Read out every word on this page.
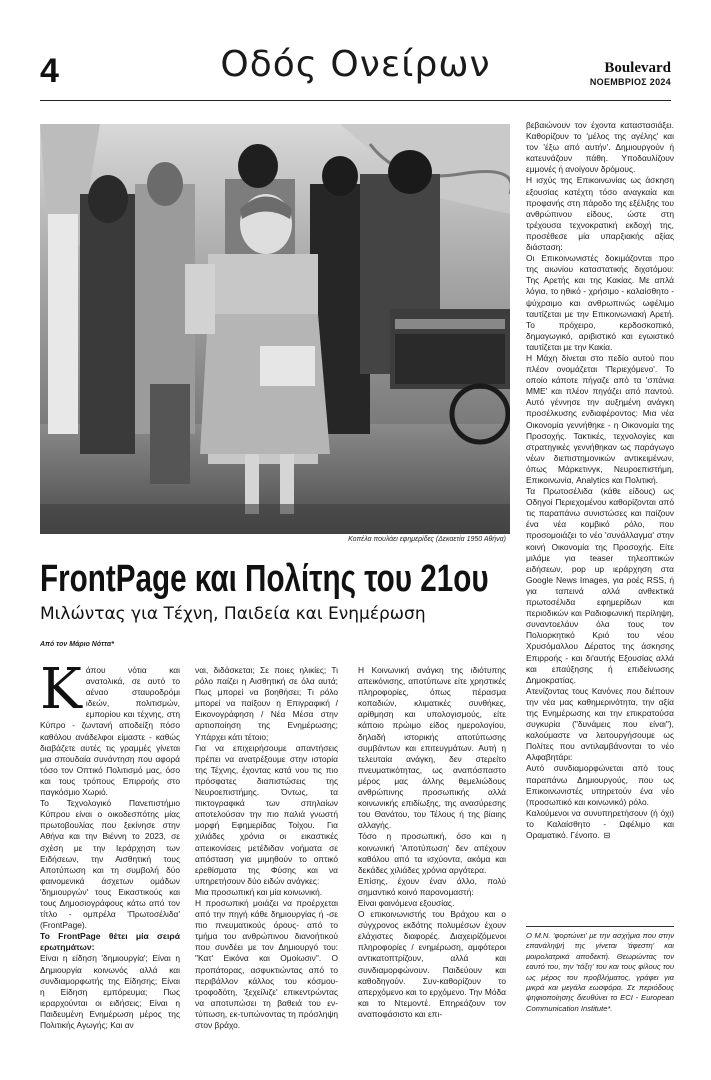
4	Οδός Ονείρων	Boulevard
ΝΟΕΜΒΡΙΟΣ 2024
Κοπέλα πουλάει εφημερίδες (Δεκαετία 1950 Αθήνα)
FrontPage και Πολίτης του 21ου
Μιλώντας για Τέχνη, Παιδεία και Ενημέρωση
Από τον Μάριο Νόττα*

Κάπου νότια και ανατολικά, σε αυτό το αέναο σταυροδρόμι ιδεών, πολιτισμών, εμπορίου και τέχνης, στη Κύπρο - ζωντανή αποδείξη πόσο καθόλου ανάδελφοι είμαστε - καθώς διαβάζετε αυτές τις γραμμές γίνεται μια σπουδαία συνάντηση που αφορά τόσο τον Οπτικό Πολιτισμό μας, όσο και τους τρόπους Επιρροής στο παγκόσμιο Χωριό.

Το Τεχνολογικό Πανεπιστήμιο Κύπρου είναι ο οικοδεσπότης μίας πρωτοβουλίας που ξεκίνησε στην Αθήνα και την Βιέννη το 2023, σε σχέση με την Ιεράρχηση των Ειδήσεων, την Αισθητική τους Αποτύπωση και τη συμβολή δύο φαινομενικά άσχετων ομάδων 'δημιουργών' τους Εικαστικούς και τους Δημοσιογράφους κάτω από τον τίτλο - ομπρέλα 'Πρωτοσέλιδα' (FrontPage).

Το FrontPage θέτει μία σειρά ερωτημάτων:

Είναι η είδηση 'δημιουργία'; Είναι η Δημιουργία κοινωνός αλλά και συνδιαμορφωτής της Είδησης; Είναι η Είδηση εμπόρευμα; Πως ιεραρχούνται οι ειδήσεις; Είναι η Παιδευμένη Ενημέρωση μέρος της Πολιτικής Αγωγής; Και αν

ναι, διδάσκεται; Σε ποιες ηλικίες; Τι ρόλο παίζει η Αισθητική σε όλα αυτά; Πως μπορεί να βοηθήσει; Τι ρόλο μπορεί να παίξουν η Επιγραφική / Εικονογράφηση / Νέα Μέσα στην αρτιοποίηση της Ενημέρωσης; Υπάρχει κάτι τέτοιο;

Για να επιχειρήσουμε απαντήσεις πρέπει να ανατρέξουμε στην ιστορία της Τέχνης, έχοντας κατά νου τις πιο πρόσφατες διαπιστώσεις της Νευροεπιστήμης. Όντως, τα πικτογραφικά των σπηλαίων αποτελούσαν την πιο παλιά γνωστή μορφή Εφημερίδας Τοίχου. Για χιλιάδες χρόνια οι εικαστικές απεικονίσεις μετέδιδαν νοήματα σε απόσταση για μιμηθούν το οπτικό ερεθίσματα της Φύσης και να υπηρετήσουν δύο ειδών ανάγκες:

Μια προσωπική και μία κοινωνική.

Η προσωπική μοιάζει να προέρχεται από την πηγή κάθε δημιουργίας ή -σε πιο πνευματικούς όρους- από το τμήμα του ανθρώπινου διανοήτικού που συνδέει με τον Δημιουργό του: "Κατ' Εικόνα και Ομοίωσιν". Ο προπάτορας, ασφυκτιώντας από το περιβάλλον κάλλος του κόσμου-τροφοδότη, 'ξεχείλιζε' επικεντρώντας να αποτυπώσει τη βαθειά του εν-τύπωση, εκ-τυπώνοντας τη πρόσληψη στον βράχο.

Η Κοινωνική ανάγκη της ιδιότυπης απεικόνισης, αποτύπωνε είτε χρηστικές πληροφορίες, όπως πέρασμα κοπαδιών, κλιματικές συνθήκες, αρίθμηση και υπολογισμούς, είτε κάποιο πρώιμο είδος ημερολογίου, δηλαδή ιστορικής αποτύπωσης συμβάντων και επιτευγμάτων. Αυτή η τελευταία ανάγκη, δεν στερείτο πνευματικότητας, ως αναπόσπαστο μέρος μας άλλης θεμελιώδους ανθρώπινης προσωπικής αλλά κοινωνικής επιδίωξης, της ανασύρεσης του Θανάτου, του Τέλους ή της βίαιης αλλαγής.

Τόσο η προσωπική, όσο και η κοινωνική 'Αποτύπωση' δεν απέχουν καθόλου από τα ισχύοντα, ακόμα και δεκάδες χιλιάδες χρόνια αργότερα.

Επίσης, έχουν έναν άλλο, πολύ σημαντικό κοινό παρονομαστή:

Είναι φαινόμενα εξουσίας.

Ο επικοινωνιστής του Βράχου και ο σύγχρονος εκδότης πολυμέσων έχουν ελάχιστες διαφορές. Διαχειρίζόμενοι πληροφορίες / ενημέρωση, αμφότεροι αντικατοπτρίζουν, αλλά και συνδιαμορφώνουν. Παιδεύουν και καθοδηγούν. Συν-καθορίζουν το απερχόμενο και το ερχόμενο. Την Μόδα και το Ντεμοντέ. Επηρεάζουν τον αναποφάσιστο και επι-

βεβαιώνουν τον έχοντα καταστασιάξει. Καθορίζουν το 'μέλος της αγέλης' και τον 'έξω από αυτήν'. Δημιουργούν ή κατευνάζουν πάθη. Υποδαυλίζουν εμμονές ή ανοίγουν δρόμους.

Η ισχύς της Επικοινωνίας ως άσκηση εξουσίας κατέχτη τόσο αναγκαία και προφανής στη πάροδο της εξέλιξης του ανθρώπινου είδους, ώστε στη τρέχουσα τεχνοκρατική εκδοχή της, προσέθεσε μία υπαρξιακής αξίας διάσταση:

Οι Επικοινωνιστές δοκιμάζονται προ της αιωνίου καταστατικής διχοτόμου: Της Αρετής και της Κακίας. Με απλά λόγια, το ηθικό - χρήσιμο - καλαίσθητο - ψύχραιμο και ανθρωπινώς ωφέλιμο ταυτίζεται με την Επικοινωνιακή Αρετή. Το πρόχειρο, κερδοσκοπικό, δημαγωγικό, αριβιστικό και εγωιστικό ταυτίζεται με την Κακία.

Η Μάχη δίνεται στο πεδίο αυτού που πλέον ονομάζεται 'Περιεχόμενο'. Το οποίο κάποτε πήγαζε από τα 'σπάνια ΜΜΕ' και πλέον πηγάζει από παντού. Αυτό γέννησε την αυξημένη ανάγκη προσέλκυσης ενδιαφέροντος: Μια νέα Οικονομία γεννήθηκε - η Οικονομία της Προσοχής. Τακτικές, τεχνολογίες και στρατηγικές γεννήθηκαν ως παράγωγο νέων διεπιστημονικών αντικειμένων, όπως Μάρκετινγκ, Νευροεπιστήμη, Επικοινωνία, Analytics και Πολιτική.

Τα Πρωτοσέλιδα (κάθε είδους) ως Οδηγοί Περιεχομένου καθορίζονται από τις παραπάνω συνιστώσες και παίζουν ένα νέα κομβικό ρόλο, που προσομοιάζει το νέο 'συνάλλαγμα' στην κοινή Οικονομία της Προσοχής. Είτε μιλάμε για teaser τηλεοπτικών ειδήσεων, pop up ιεράρχηση στα Google News Images, για ροές RSS, ή για ταπεινά αλλά ανθεκτικά πρωτοσέλιδα εφημερίδων και περιοδικών και Ραδιοφωνική περίληψη, συναντοελάυν όλα τους τον Πολιορκητικό Κριό του νέου Χρυσόμαλλου Δέρατος της άσκησης Επιρροής - και δι'αυτής Εξουσίας αλλά και επαύξησης ή επιδείνωσης Δημοκρατίας.

Ατενίζοντας τους Κανόνες που διέπουν την νέα μας καθημερινότητα, την αξία της Ενημέρωσης και την επικρατούσα συγκυρία ("δυνάμεις που είναι"), καλούμαστε να λειτουργήσουμε ως Πολίτες που αντιλαμβάνονται το νέο Αλφαβητάρι:

Αυτό συνδιαμορφώνεται από τους παραπάνω Δημιουργούς, που ως Επικοινωνιστές υπηρετούν ένα νέο (προσωπικό και κοινωνικό) ρόλο.

Καλούμενοι να συνυπηρετήσουν (ή όχι) το Καλαίσθητο - Ωφέλιμο και Οραματικό. Γένοιτο. ⊟

Ο Μ.Ν. 'φορτώνει' με την ασχήμια που στην επανάληψή της γίνεται 'άφεστη' και μοιρολατρικά αποδεκτή. Θεωρώντας τον εαυτό του, την 'τάξη' του και τους φίλους του ως μέρος του προβλήματος, γράφει για μικρά και μεγάλα εωσφόρα. Σε περιόδους ψηφιοποίησης διευθύνει το ECI - European Communication Institute*.
